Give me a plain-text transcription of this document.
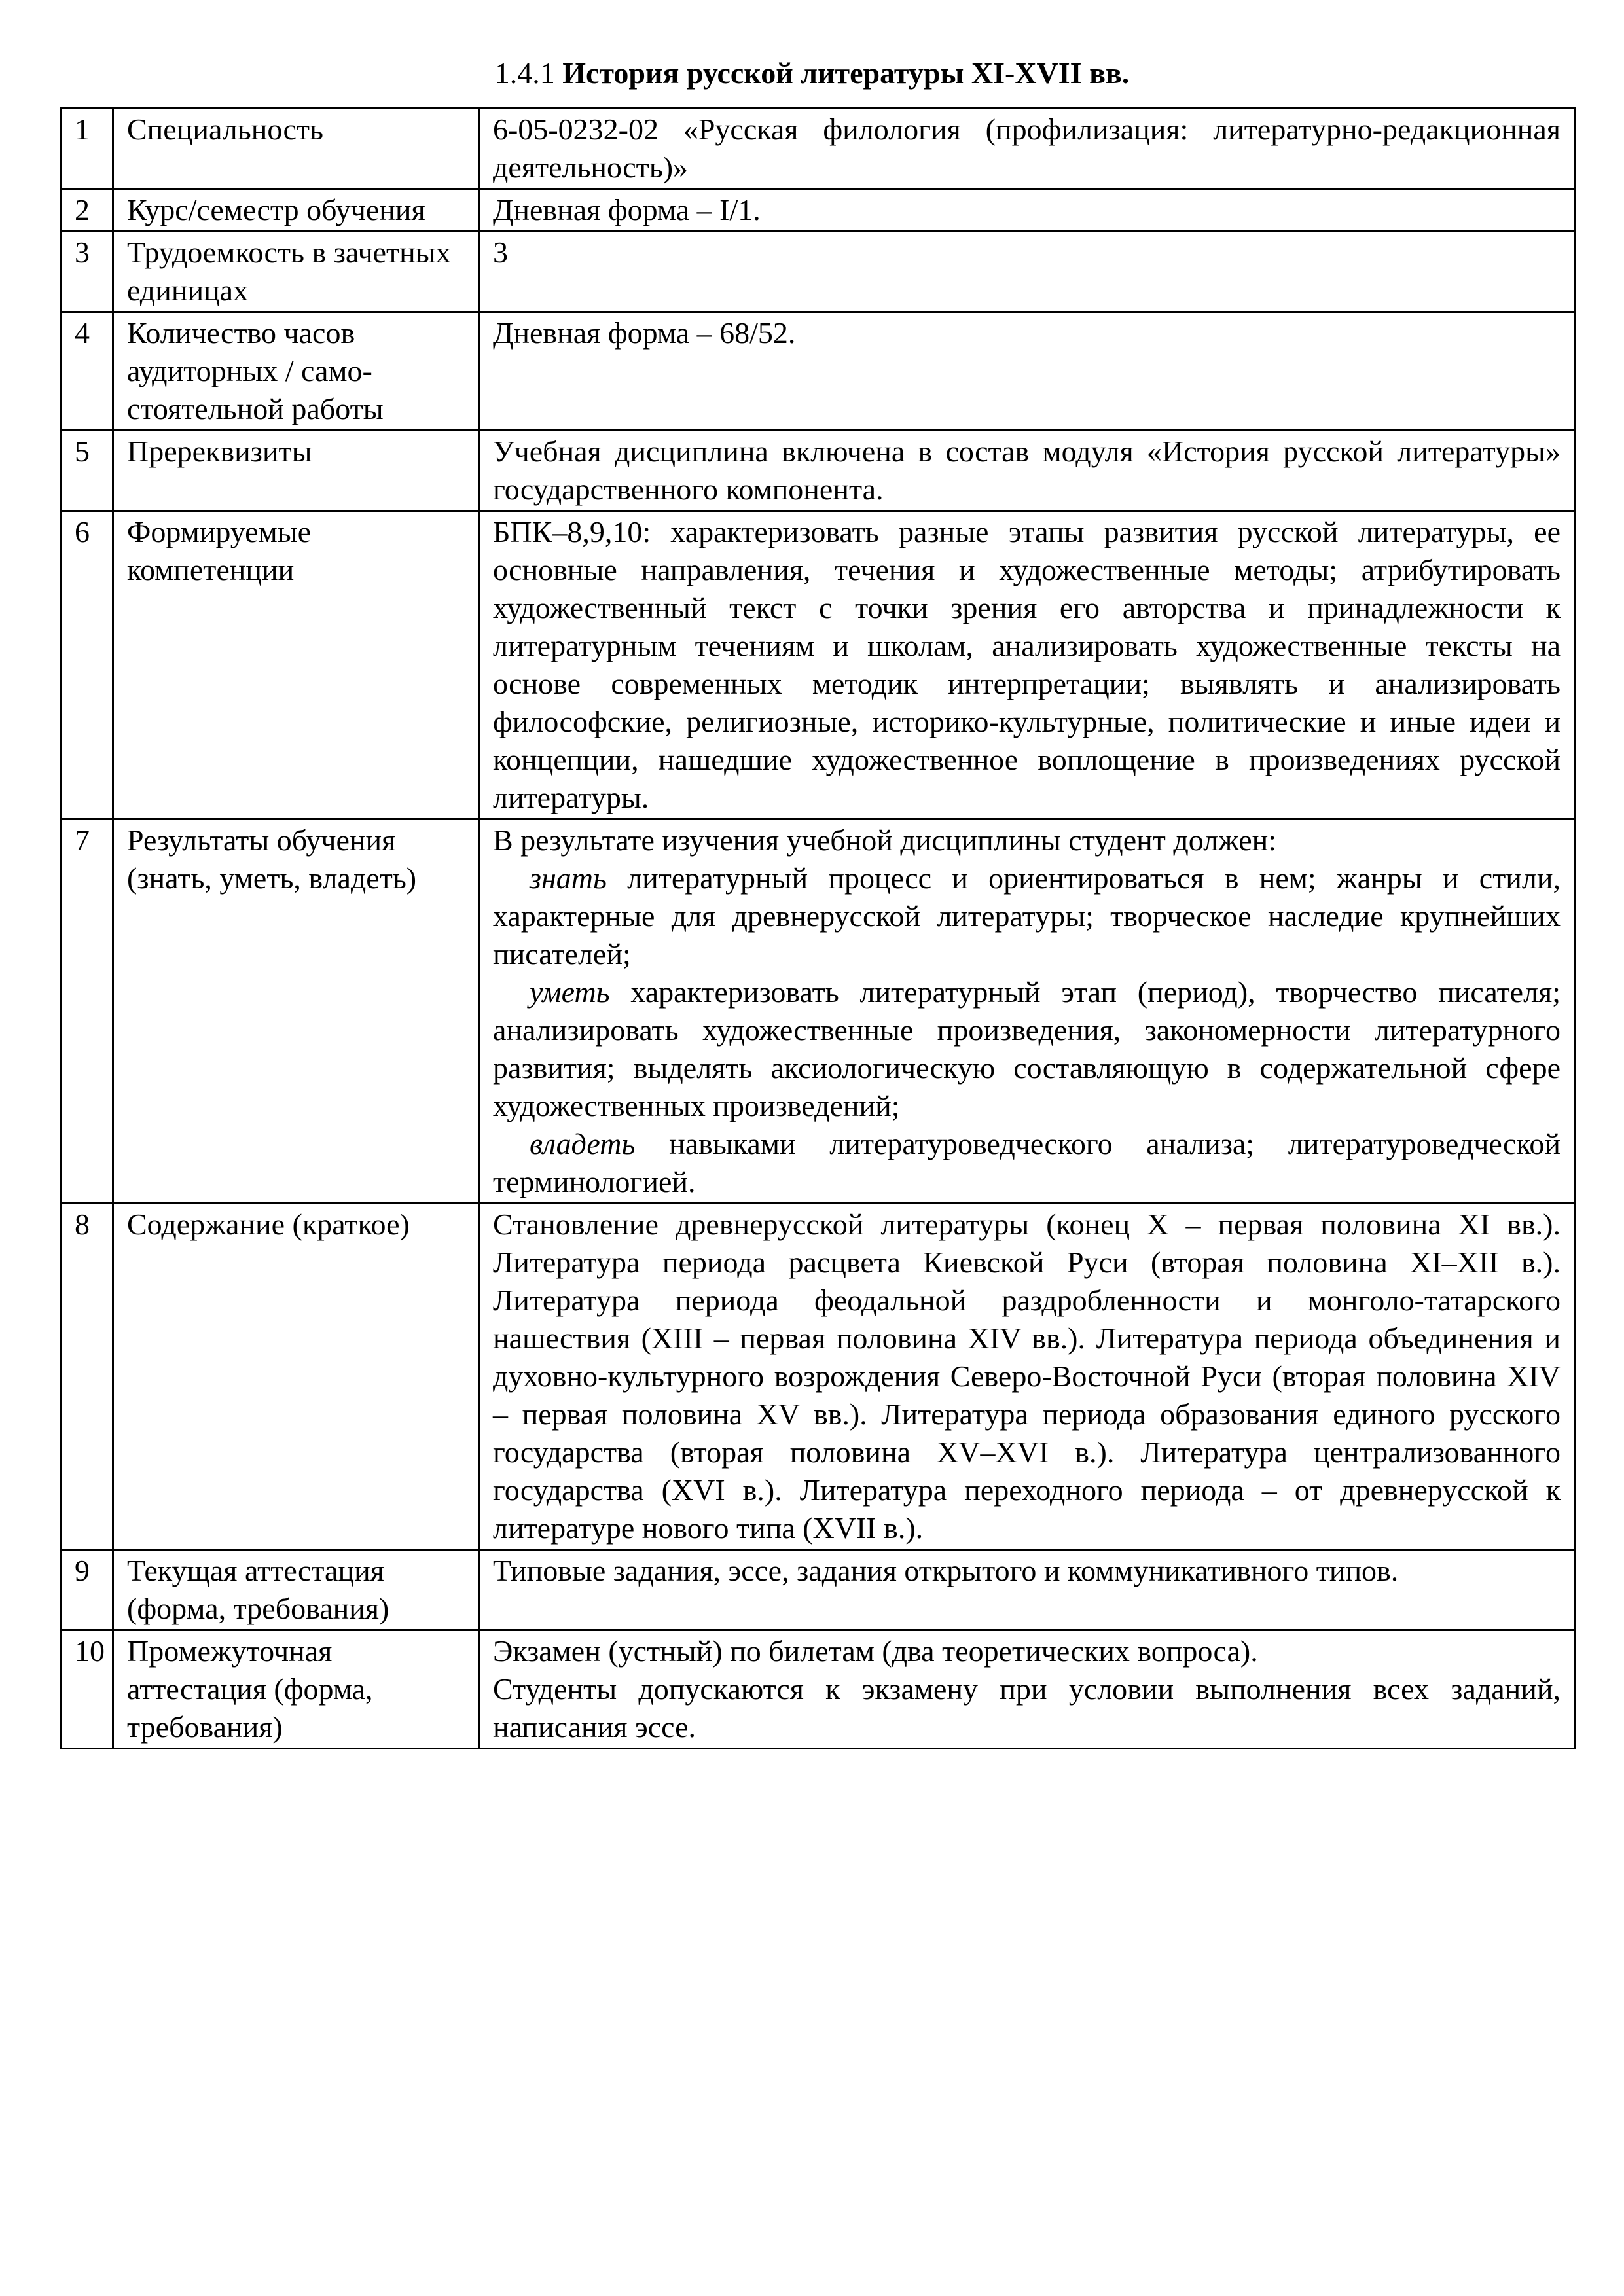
1.4.1 История русской литературы XI-XVII вв.
1	Специальность	6-05-0232-02 «Русская филология (профилизация: литературно-редакционная деятельность)»

2	Курс/семестр обучения	Дневная форма – I/1.

3	Трудоемкость в зачетных единицах	3

4	Количество часов аудиторных / само-стоятельной работы	Дневная форма – 68/52.

5	Пререквизиты	Учебная дисциплина включена в состав модуля «История русской литературы» государственного компонента.

6	Формируемые компетенции	БПК–8,9,10: характеризовать разные этапы развития русской литературы, ее основные направления, течения и художественные методы; атрибутировать художественный текст с точки зрения его авторства и принадлежности к литературным течениям и школам, анализировать художественные тексты на основе современных методик интерпретации; выявлять и анализировать философские, религиозные, историко-культурные, политические и иные идеи и концепции, нашедшие художественное воплощение в произведениях русской литературы.

7	Результаты обучения (знать, уметь, владеть)	В результате изучения учебной дисциплины студент должен:
знать литературный процесс и ориентироваться в нем; жанры и стили, характерные для древнерусской литературы; творческое наследие крупнейших писателей;
уметь характеризовать литературный этап (период), творчество писателя; анализировать художественные произведения, закономерности литературного развития; выделять аксиологическую составляющую в содержательной сфере художественных произведений;
владеть навыками литературоведческого анализа; литературоведческой терминологией.

8	Содержание (краткое)	Становление древнерусской литературы (конец X – первая половина XI вв.). Литература периода расцвета Киевской Руси (вторая половина XI–XII в.). Литература периода феодальной раздробленности и монголо-татарского нашествия (XIII – первая половина XIV вв.). Литература периода объединения и духовно-культурного возрождения Северо-Восточной Руси (вторая половина XIV – первая половина XV вв.). Литература периода образования единого русского государства (вторая половина XV–XVI в.). Литература централизованного государства (XVI в.). Литература переходного периода – от древнерусской к литературе нового типа (XVII в.).

9	Текущая аттестация (форма, требования)	Типовые задания, эссе, задания открытого и коммуникативного типов.

10	Промежуточная аттестация (форма, требования)	Экзамен (устный) по билетам (два теоретических вопроса).
Студенты допускаются к экзамену при условии выполнения всех заданий, написания эссе.
